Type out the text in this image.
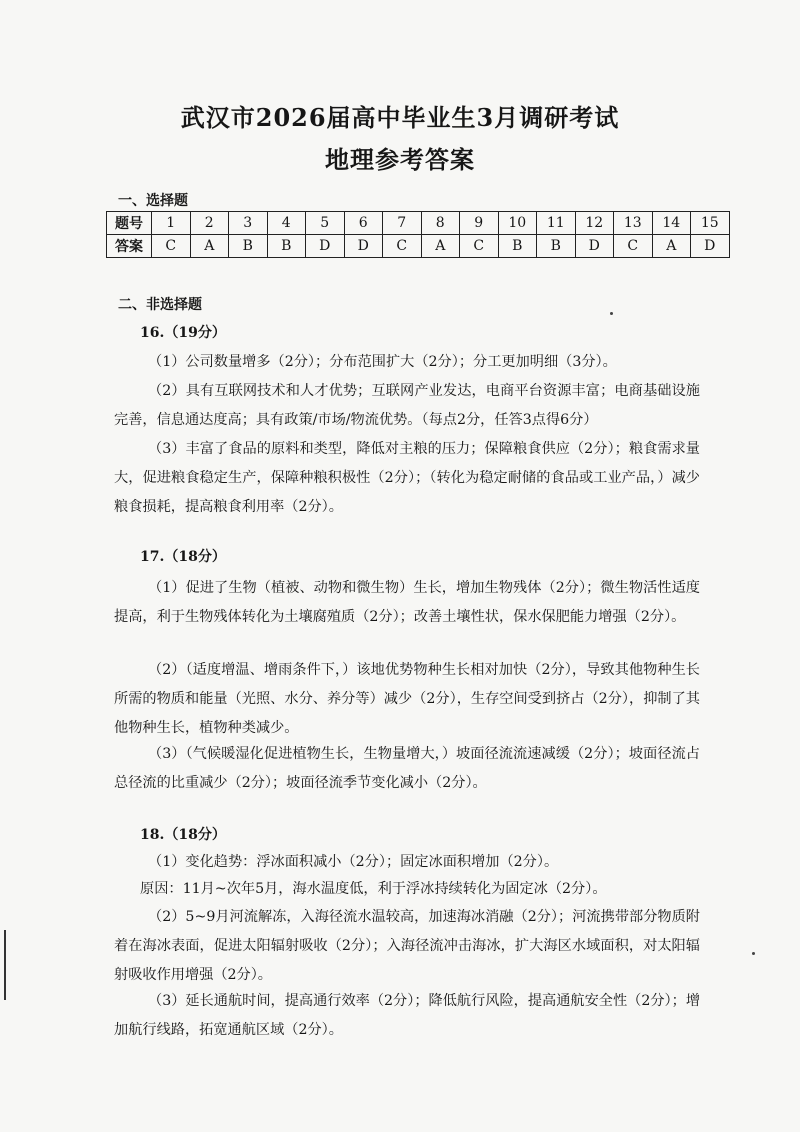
武汉市2026届高中毕业生3月调研考试
地理参考答案
一、选择题
题号	1	2	3	4	5	6	7	8	9	10	11	12	13	14	15
答案	C	A	B	B	D	D	C	A	C	B	B	D	C	A	D
二、非选择题
16.（19分）

（1）公司数量增多（2分）；分布范围扩大（2分）；分工更加明细（3分）。

（2）具有互联网技术和人才优势；互联网产业发达，电商平台资源丰富；电商基础设施完善，信息通达度高；具有政策/市场/物流优势。（每点2分，任答3点得6分）

（3）丰富了食品的原料和类型，降低对主粮的压力；保障粮食供应（2分）；粮食需求量大，促进粮食稳定生产，保障种粮积极性（2分）；（转化为稳定耐储的食品或工业产品，）减少粮食损耗，提高粮食利用率（2分）。

17.（18分）

（1）促进了生物（植被、动物和微生物）生长，增加生物残体（2分）；微生物活性适度提高，利于生物残体转化为土壤腐殖质（2分）；改善土壤性状，保水保肥能力增强（2分）。

（2）（适度增温、增雨条件下，）该地优势物种生长相对加快（2分），导致其他物种生长所需的物质和能量（光照、水分、养分等）减少（2分），生存空间受到挤占（2分），抑制了其他物种生长，植物种类减少。

（3）（气候暖湿化促进植物生长，生物量增大，）坡面径流流速减缓（2分）；坡面径流占总径流的比重减少（2分）；坡面径流季节变化减小（2分）。

18.（18分）

（1）变化趋势：浮冰面积减小（2分）；固定冰面积增加（2分）。

原因：11月~次年5月，海水温度低，利于浮冰持续转化为固定冰（2分）。

（2）5~9月河流解冻，入海径流水温较高，加速海冰消融（2分）；河流携带部分物质附着在海冰表面，促进太阳辐射吸收（2分）；入海径流冲击海冰，扩大海区水域面积，对太阳辐射吸收作用增强（2分）。

（3）延长通航时间，提高通行效率（2分）；降低航行风险，提高通航安全性（2分）；增加航行线路，拓宽通航区域（2分）。
